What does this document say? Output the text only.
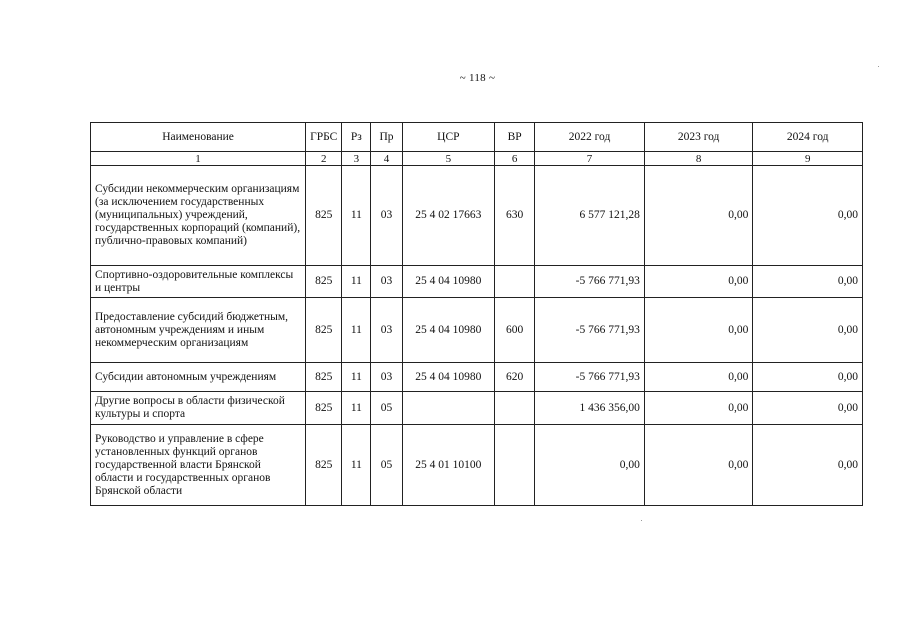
~ 118 ~
Наименование	ГРБС	Рз	Пр	ЦСР	ВР	2022 год	2023 год	2024 год
1	2	3	4	5	6	7	8	9
Субсидии некоммерческим организациям (за исключением государственных (муниципальных) учреждений, государственных корпораций (компаний), публично-правовых компаний)	825	11	03	25 4 02 17663	630	6 577 121,28	0,00	0,00
Спортивно-оздоровительные комплексы и центры	825	11	03	25 4 04 10980		-5 766 771,93	0,00	0,00
Предоставление субсидий бюджетным, автономным учреждениям и иным некоммерческим организациям	825	11	03	25 4 04 10980	600	-5 766 771,93	0,00	0,00
Субсидии автономным учреждениям	825	11	03	25 4 04 10980	620	-5 766 771,93	0,00	0,00
Другие вопросы в области физической культуры и спорта	825	11	05			1 436 356,00	0,00	0,00
Руководство и управление в сфере установленных функций органов государственной власти Брянской области и государственных органов Брянской области	825	11	05	25 4 01 10100		0,00	0,00	0,00
